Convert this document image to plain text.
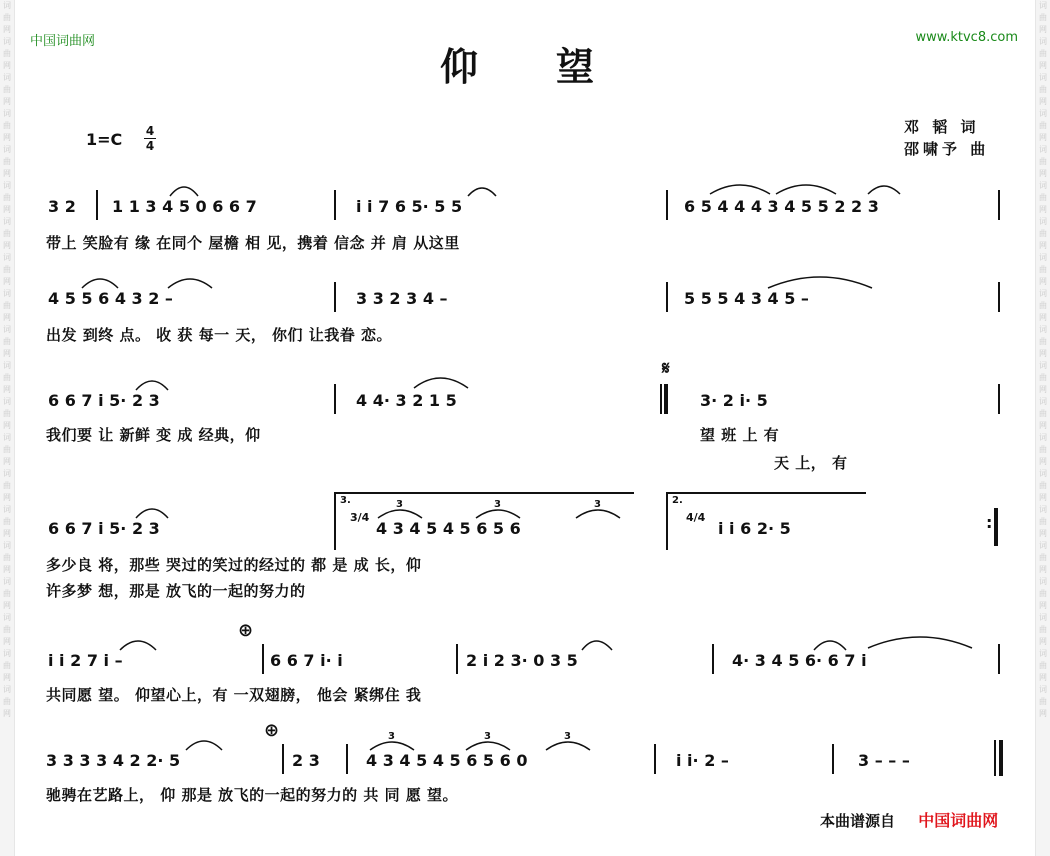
词曲网词曲网词曲网词曲网词曲网词曲网词曲网词曲网词曲网词曲网词曲网词曲网词曲网词曲网词曲网词曲网词曲网词曲网词曲网词曲网
词曲网词曲网词曲网词曲网词曲网词曲网词曲网词曲网词曲网词曲网词曲网词曲网词曲网词曲网词曲网词曲网词曲网词曲网词曲网词曲网
中国词曲网	www.ktvc8.com
仰望
1=C 4
4
邓 韬 词
邵啸予 曲
3 2 1 1 3 4 5 0 6 6 7	i i 7 6 5· 5 5	6 5 4 4 4 3 4 5 5 2 2 3
带上 笑脸有 缘 在同个 屋檐 相 见，携着 信念 并 肩 从这里
4 5 5 6 4 3 2 –	3 3 2 3 4 –	5 5 5 4 3 4 5 –
出发 到终 点。 收 获 每一 天， 你们 让我眷 恋。
6 6 7 i 5· 2 3	4 4· 3 2 1 5
𝄋
3· 2 i· 5
我们要 让 新鲜 变 成 经典，仰	望 班 上 有
天 上， 有
6 6 7 i 5· 2 3
3.
3/4
4 3 4 5 4 5 6 5 6
2.
4/4
i i 6 2· 5	:
多少良 将，那些 哭过的笑过的经过的 都 是 成 长，仰
许多梦 想，那是 放飞的一起的努力的
⊕
i i 2 7 i –	6 6 7 i· i	2 i 2 3· 0 3 5	4· 3 4 5 6· 6 7 i
共同愿 望。 仰望心上，有 一双翅膀， 他会 紧绑住 我
⊕
3 3 3 3 4 2 2· 5	2 3	4 3 4 5 4 5 6 5 6 0	i i· 2 –	3 – – –
驰骋在艺路上， 仰 那是 放飞的一起的努力的 共 同 愿 望。
3	3	3
3	3	3
本曲谱源自 中国词曲网
